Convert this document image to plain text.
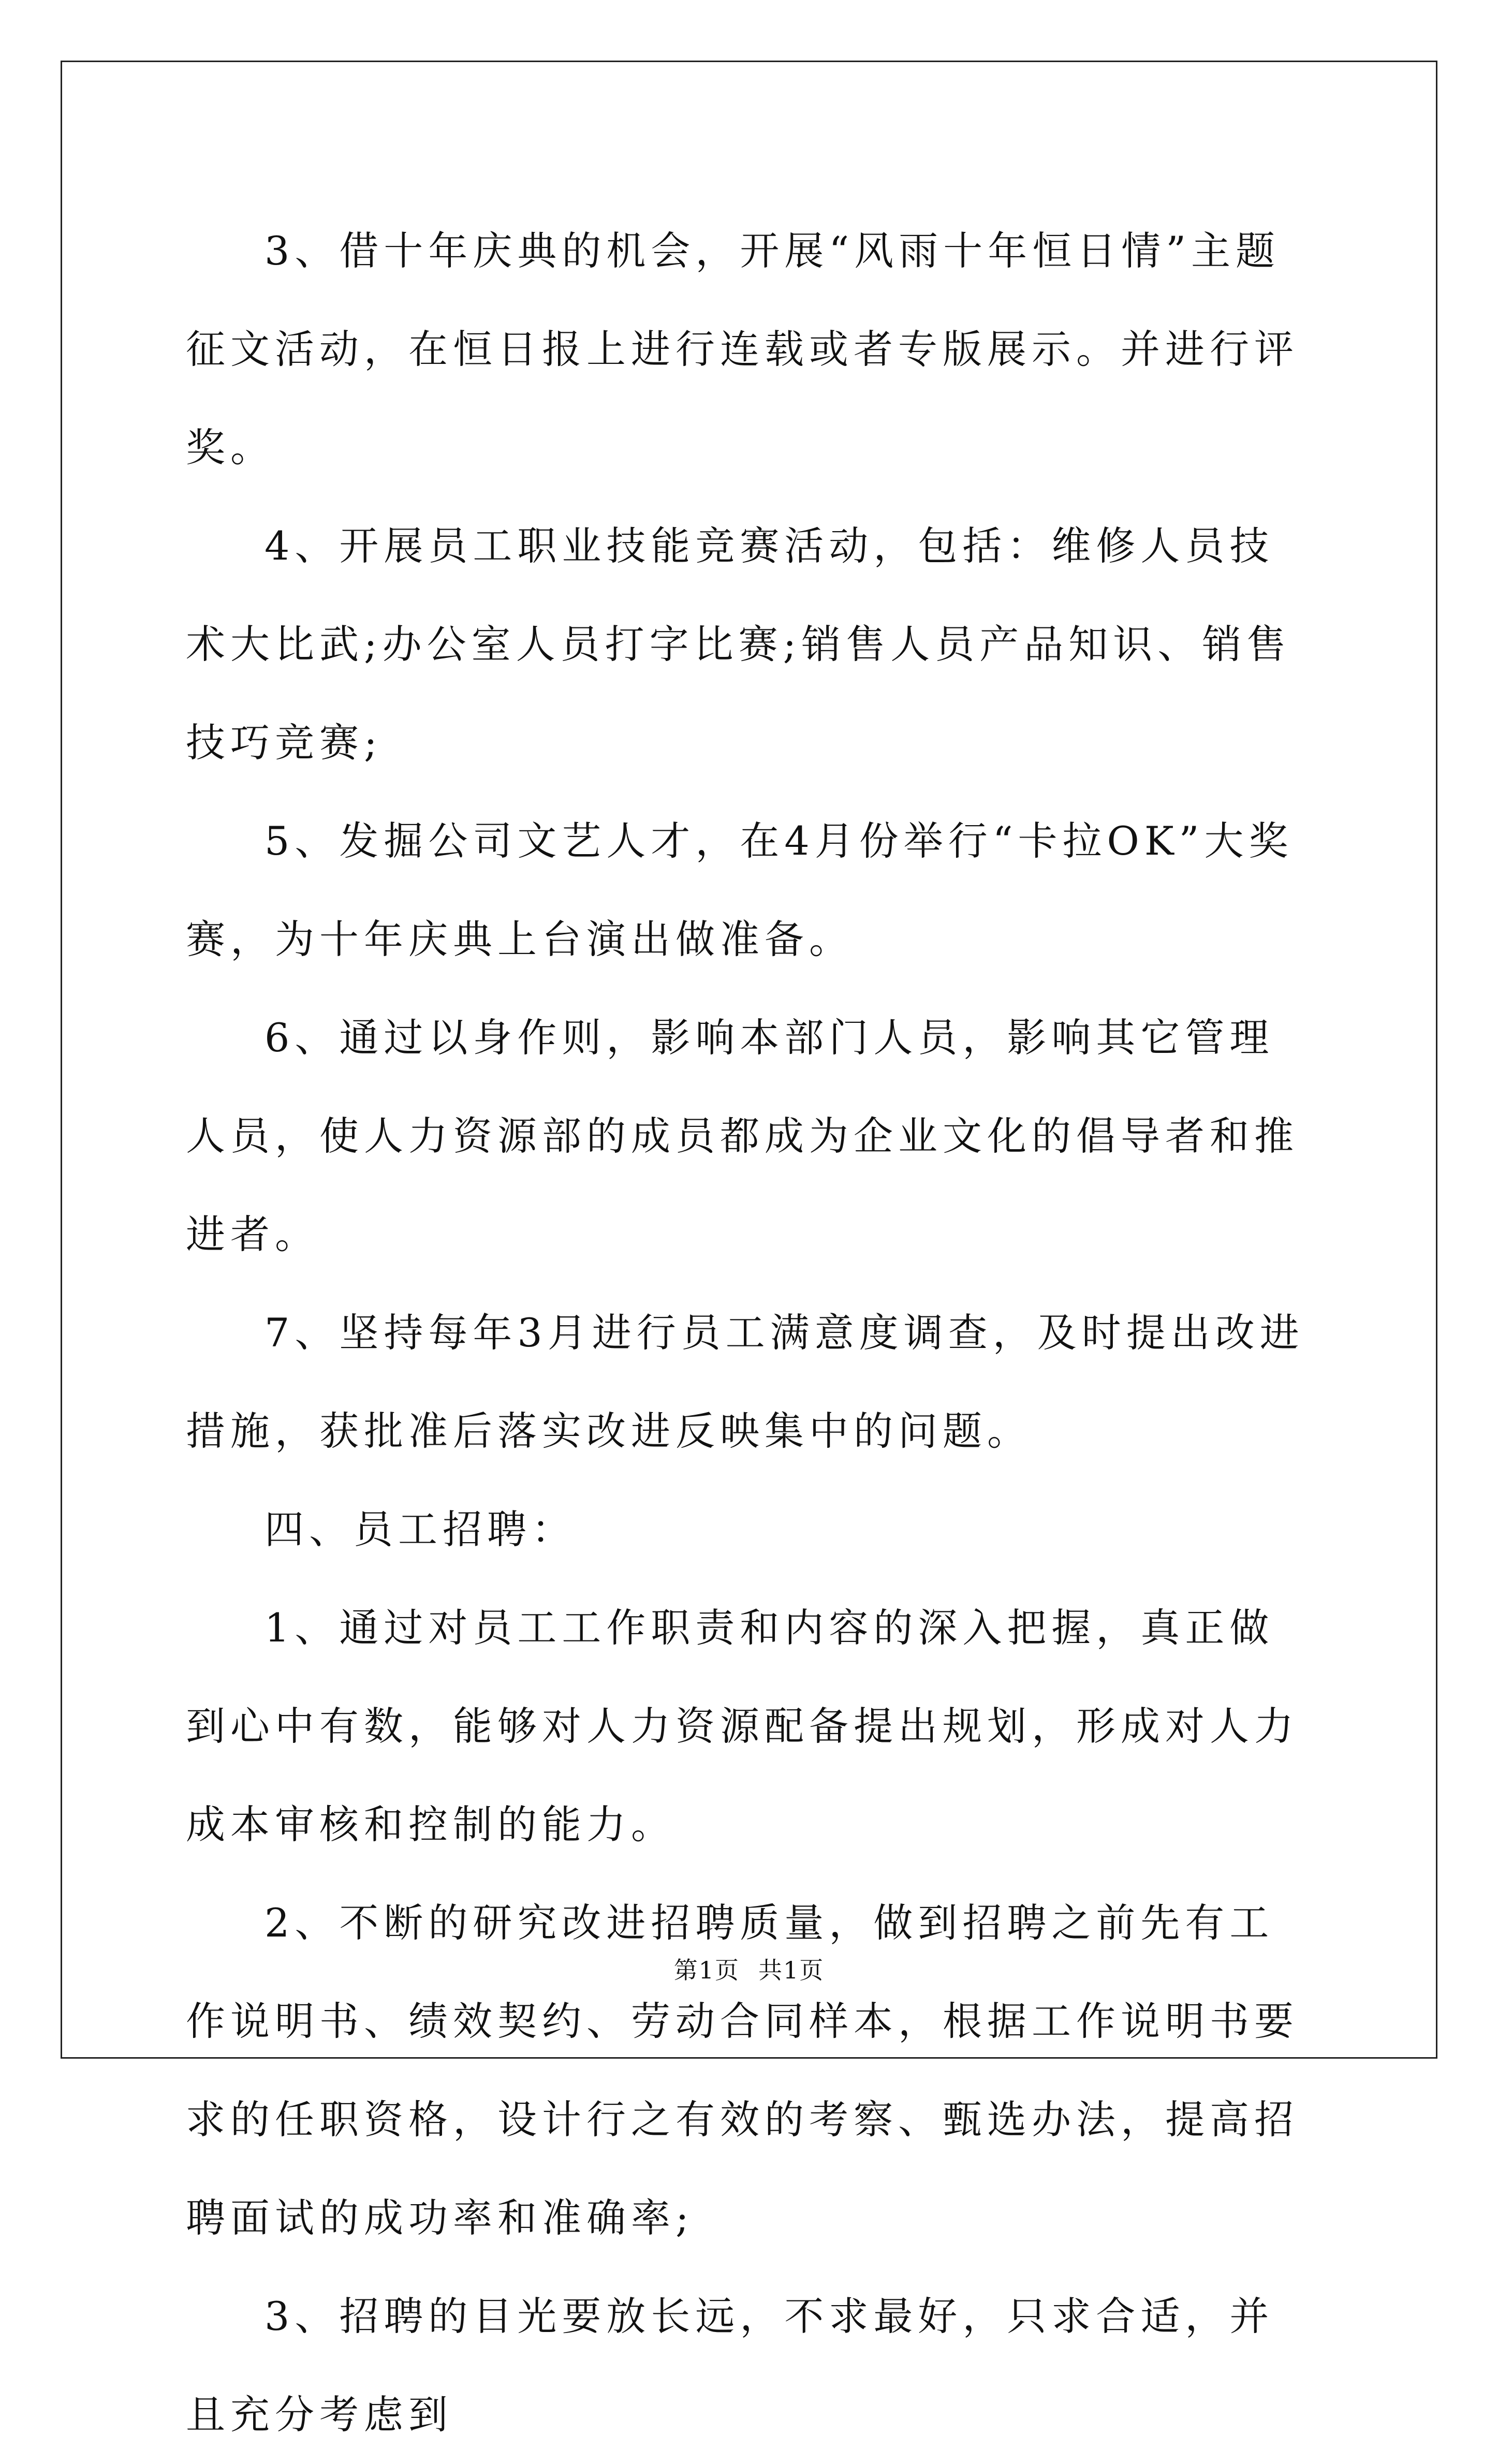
3、借十年庆典的机会，开展“风雨十年恒日情”主题征文活动，在恒日报上进行连载或者专版展示。并进行评奖。

4、开展员工职业技能竞赛活动，包括：维修人员技术大比武;办公室人员打字比赛;销售人员产品知识、销售技巧竞赛;

5、发掘公司文艺人才，在4月份举行“卡拉OK”大奖赛，为十年庆典上台演出做准备。

6、通过以身作则，影响本部门人员，影响其它管理人员，使人力资源部的成员都成为企业文化的倡导者和推进者。

7、坚持每年3月进行员工满意度调查，及时提出改进措施，获批准后落实改进反映集中的问题。

四、员工招聘：

1、通过对员工工作职责和内容的深入把握，真正做到心中有数，能够对人力资源配备提出规划，形成对人力成本审核和控制的能力。

2、不断的研究改进招聘质量，做到招聘之前先有工作说明书、绩效契约、劳动合同样本，根据工作说明书要求的任职资格，设计行之有效的考察、甄选办法，提高招聘面试的成功率和准确率;

3、招聘的目光要放长远，不求最好，只求合适，并且充分考虑到

第1页 共1页
